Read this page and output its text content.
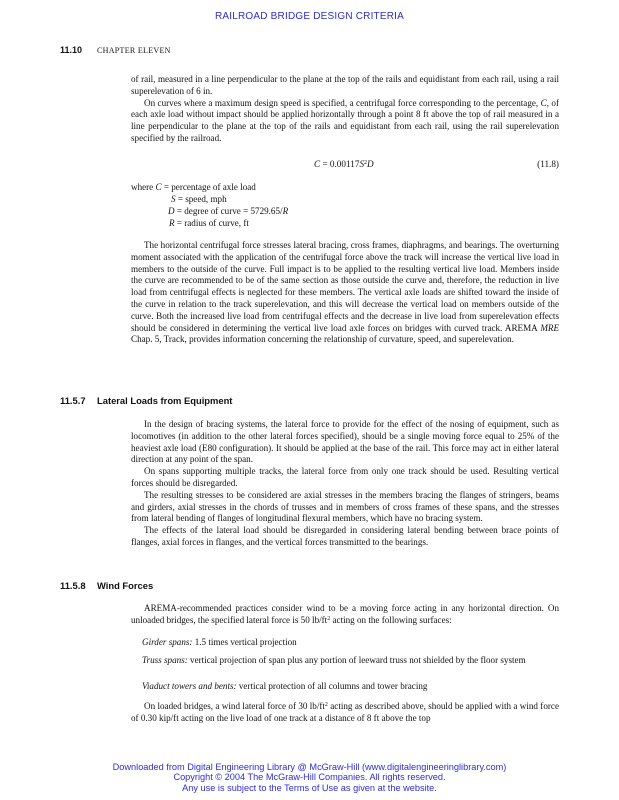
RAILROAD BRIDGE DESIGN CRITERIA
11.10 CHAPTER ELEVEN

of rail, measured in a line perpendicular to the plane at the top of the rails and equidistant from each rail, using a rail superelevation of 6 in.

On curves where a maximum design speed is specified, a centrifugal force corresponding to the percentage, C, of each axle load without impact should be applied horizontally through a point 8 ft above the top of rail measured in a line perpendicular to the plane at the top of the rails and equidistant from each rail, using the rail superelevation specified by the railroad.

$C = 0.00117S^2D$	(11.8)
where C = percentage of axle load
S = speed, mph
D = degree of curve = 5729.65/R
R = radius of curve, ft

The horizontal centrifugal force stresses lateral bracing, cross frames, diaphragms, and bearings. The overturning moment associated with the application of the centrifugal force above the track will increase the vertical live load in members to the outside of the curve. Full impact is to be applied to the resulting vertical live load. Members inside the curve are recommended to be of the same section as those outside the curve and, therefore, the reduction in live load from centrifugal effects is neglected for these members. The vertical axle loads are shifted toward the inside of the curve in relation to the track superelevation, and this will decrease the vertical load on members outside of the curve. Both the increased live load from centrifugal effects and the decrease in live load from superelevation effects should be considered in determining the vertical live load axle forces on bridges with curved track. AREMA MRE Chap. 5, Track, provides information concerning the relationship of curvature, speed, and superelevation.

11.5.7 Lateral Loads from Equipment

In the design of bracing systems, the lateral force to provide for the effect of the nosing of equipment, such as locomotives (in addition to the other lateral forces specified), should be a single moving force equal to 25% of the heaviest axle load (E80 configuration). It should be applied at the base of the rail. This force may act in either lateral direction at any point of the span.

On spans supporting multiple tracks, the lateral force from only one track should be used. Resulting vertical forces should be disregarded.

The resulting stresses to be considered are axial stresses in the members bracing the flanges of stringers, beams and girders, axial stresses in the chords of trusses and in members of cross frames of these spans, and the stresses from lateral bending of flanges of longitudinal flexural members, which have no bracing system.

The effects of the lateral load should be disregarded in considering lateral bending between brace points of flanges, axial forces in flanges, and the vertical forces transmitted to the bearings.

11.5.8 Wind Forces

AREMA-recommended practices consider wind to be a moving force acting in any horizontal direction. On unloaded bridges, the specified lateral force is 50 $lb/ft^2$ acting on the following surfaces:

Girder spans: 1.5 times vertical projection
Truss spans: vertical projection of span plus any portion of leeward truss not shielded by the floor system
Viaduct towers and bents: vertical protection of all columns and tower bracing

On loaded bridges, a wind lateral force of 30 $lb/ft^2$ acting as described above, should be applied with a wind force of 0.30 kip/ft acting on the live load of one track at a distance of 8 ft above the top

Downloaded from Digital Engineering Library @ McGraw-Hill (www.digitalengineeringlibrary.com)
Copyright © 2004 The McGraw-Hill Companies. All rights reserved.
Any use is subject to the Terms of Use as given at the website.
